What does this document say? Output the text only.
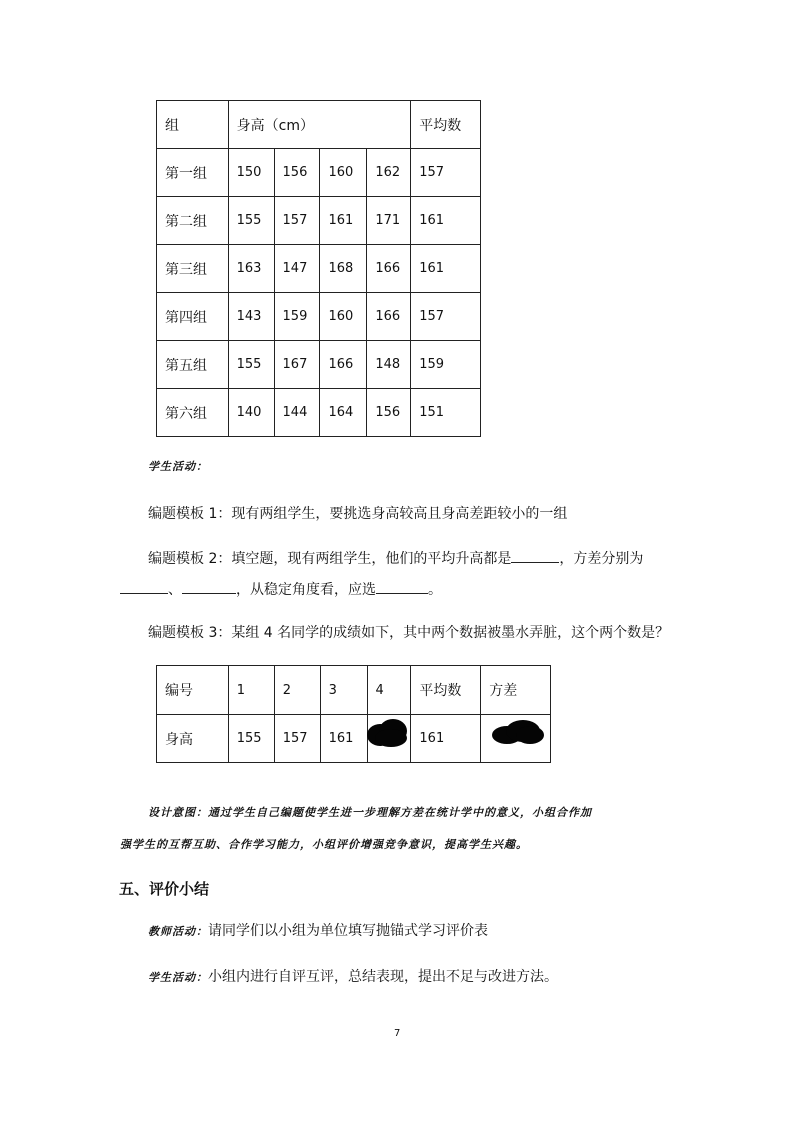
组	身高（cm）				平均数
第一组	150	156	160	162	157
第二组	155	157	161	171	161
第三组	163	147	168	166	161
第四组	143	159	160	166	157
第五组	155	167	166	148	159
第六组	140	144	164	156	151
学生活动：
编题模板 1：现有两组学生，要挑选身高较高且身高差距较小的一组
编题模板 2：填空题，现有两组学生，他们的平均升高都是	，方差分别为
、	，从稳定角度看，应选	。
编题模板 3：某组 4 名同学的成绩如下，其中两个数据被墨水弄脏，这个两个数是？
编号	1	2	3	4	平均数	方差
身高	155	157	161		161	
设计意图：通过学生自己编题使学生进一步理解方差在统计学中的意义，小组合作加
强学生的互帮互助、合作学习能力，小组评价增强竞争意识，提高学生兴趣。
五、评价小结
教师活动：请同学们以小组为单位填写抛锚式学习评价表
学生活动：小组内进行自评互评，总结表现，提出不足与改进方法。
7
